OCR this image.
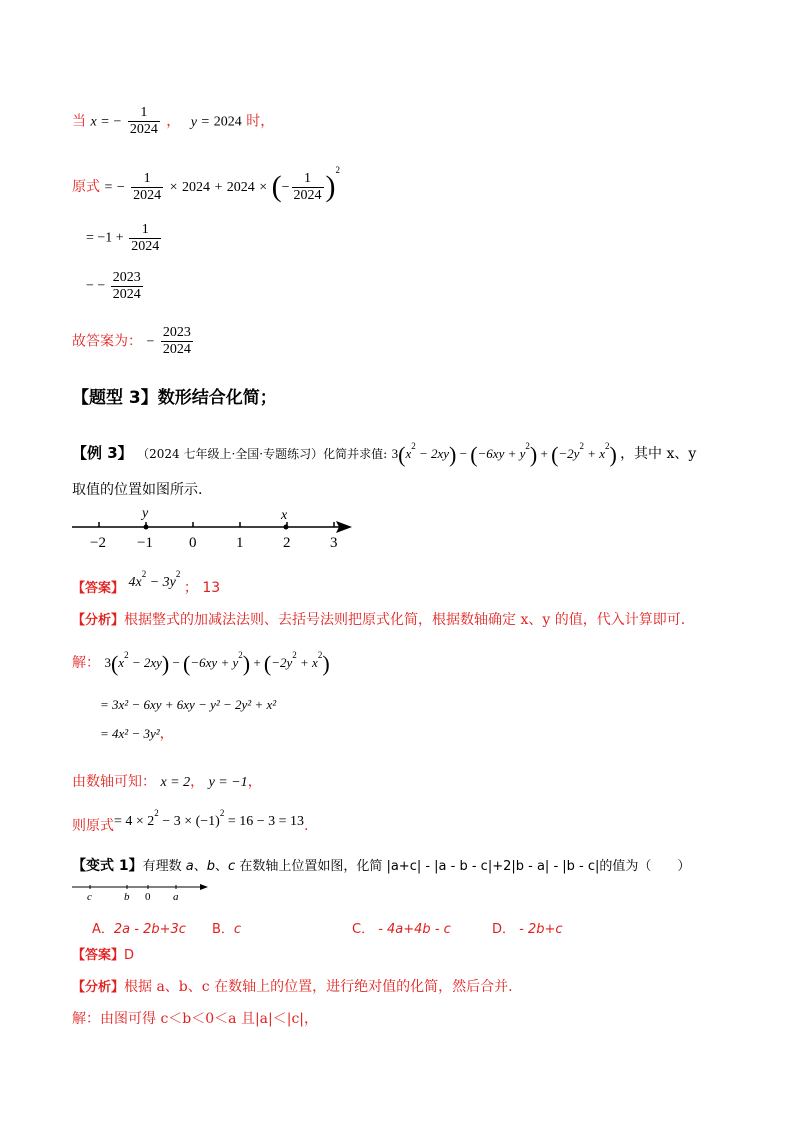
当 x = − $\frac{1}{2024}$ ， y = 2024 时，
原式 = − $\frac{1}{2024} \times 2024 + 2024$ × (− $\frac{1}{2024} )^2$
= $-1 + \frac{1}{2024}$
− − $\frac{2023}{2024}$
故答案为： − $\frac{2023}{2024}$
【题型 3】数形结合化简；
【例 3】 （2024 七年级上·全国·专题练习）化简并求值: $3(x^2 - 2xy) - (-6xy + y^2) + (-2y^2 + x^2)$ ，其中 x、y
取值的位置如图所示.
−2 −1 0	1	2	3
y	x
【答案】 $4x^2 - 3y^2$ ； 13
【分析】根据整式的加减法法则、去括号法则把原式化简，根据数轴确定 x、y 的值，代入计算即可.
解： $3(x^2 - 2xy) - (-6xy + y^2) + (-2y^2 + x^2)$
= 3x² − 6xy + 6xy − y² − 2y² + x²
= 4x² − 3y²，
由数轴可知： x = 2， y = −1，
则原式= $4 \times 2^2 - 3 \times (-1)^2 = 16 - 3 = 13$.
【变式 1】有理数 a、b、c 在数轴上位置如图，化简 |a+c| - |a - b - c|+2|b - a| - |b - c|的值为（　　）
c	b 0 a
A．2a - 2b+3c B．c	C． - 4a+4b - c	D． - 2b+c
【答案】D
【分析】根据 a、b、c 在数轴上的位置，进行绝对值的化简，然后合并.
解：由图可得 c＜b＜0＜a 且|a|＜|c|，
